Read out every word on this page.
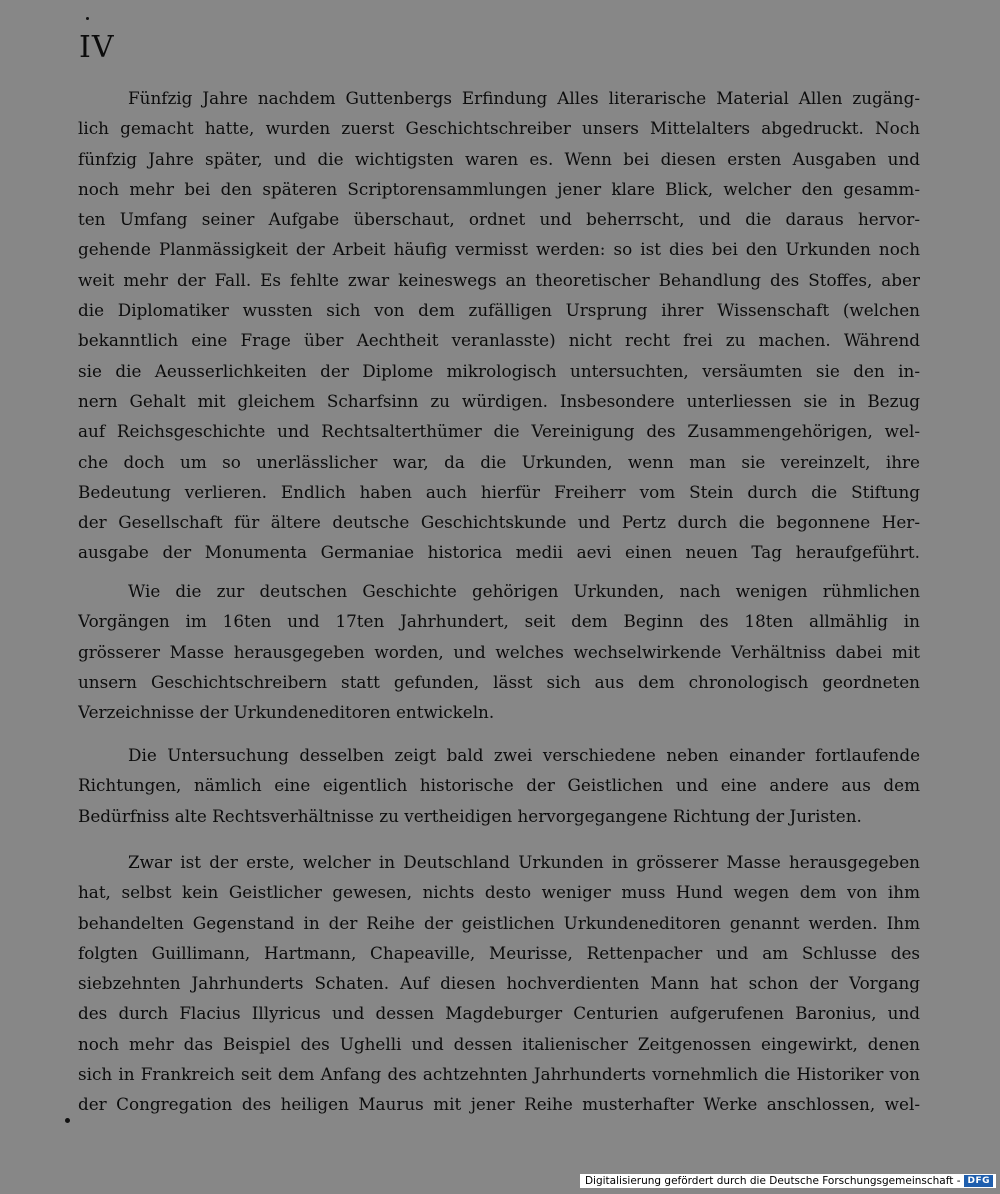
IV
Fünfzig Jahre nachdem Guttenbergs Erfindung Alles literarische Material Allen zugäng-
lich gemacht hatte, wurden zuerst Geschichtschreiber unsers Mittelalters abgedruckt. Noch
fünfzig Jahre später, und die wichtigsten waren es. Wenn bei diesen ersten Ausgaben und
noch mehr bei den späteren Scriptorensammlungen jener klare Blick, welcher den gesamm-
ten Umfang seiner Aufgabe überschaut, ordnet und beherrscht, und die daraus hervor-
gehende Planmässigkeit der Arbeit häufig vermisst werden: so ist dies bei den Urkunden noch
weit mehr der Fall. Es fehlte zwar keineswegs an theoretischer Behandlung des Stoffes, aber
die Diplomatiker wussten sich von dem zufälligen Ursprung ihrer Wissenschaft (welchen
bekanntlich eine Frage über Aechtheit veranlasste) nicht recht frei zu machen. Während
sie die Aeusserlichkeiten der Diplome mikrologisch untersuchten, versäumten sie den in-
nern Gehalt mit gleichem Scharfsinn zu würdigen. Insbesondere unterliessen sie in Bezug
auf Reichsgeschichte und Rechtsalterthümer die Vereinigung des Zusammengehörigen, wel-
che doch um so unerlässlicher war, da die Urkunden, wenn man sie vereinzelt, ihre
Bedeutung verlieren. Endlich haben auch hierfür Freiherr vom Stein durch die Stiftung
der Gesellschaft für ältere deutsche Geschichtskunde und Pertz durch die begonnene Her-
ausgabe der Monumenta Germaniae historica medii aevi einen neuen Tag heraufgeführt.
Wie die zur deutschen Geschichte gehörigen Urkunden, nach wenigen rühmlichen
Vorgängen im 16ten und 17ten Jahrhundert, seit dem Beginn des 18ten allmählig in
grösserer Masse herausgegeben worden, und welches wechselwirkende Verhältniss dabei mit
unsern Geschichtschreibern statt gefunden, lässt sich aus dem chronologisch geordneten
Verzeichnisse der Urkundeneditoren entwickeln.
Die Untersuchung desselben zeigt bald zwei verschiedene neben einander fortlaufende
Richtungen, nämlich eine eigentlich historische der Geistlichen und eine andere aus dem
Bedürfniss alte Rechtsverhältnisse zu vertheidigen hervorgegangene Richtung der Juristen.
Zwar ist der erste, welcher in Deutschland Urkunden in grösserer Masse herausgegeben
hat, selbst kein Geistlicher gewesen, nichts desto weniger muss Hund wegen dem von ihm
behandelten Gegenstand in der Reihe der geistlichen Urkundeneditoren genannt werden. Ihm
folgten Guillimann, Hartmann, Chapeaville, Meurisse, Rettenpacher und am Schlusse des
siebzehnten Jahrhunderts Schaten. Auf diesen hochverdienten Mann hat schon der Vorgang
des durch Flacius Illyricus und dessen Magdeburger Centurien aufgerufenen Baronius, und
noch mehr das Beispiel des Ughelli und dessen italienischer Zeitgenossen eingewirkt, denen
sich in Frankreich seit dem Anfang des achtzehnten Jahrhunderts vornehmlich die Historiker von
der Congregation des heiligen Maurus mit jener Reihe musterhafter Werke anschlossen, wel-
Digitalisierung gefördert durch die Deutsche Forschungsgemeinschaft - DFG
